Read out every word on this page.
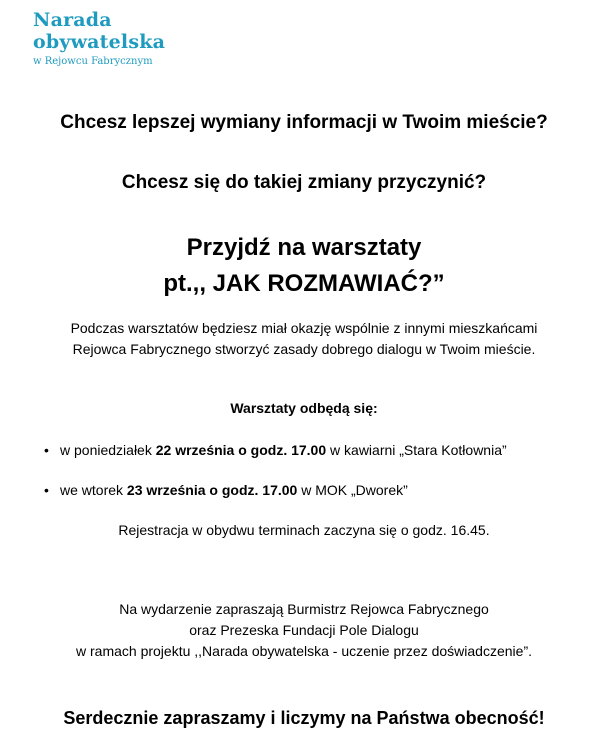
Narada
obywatelska
w Rejowcu Fabrycznym
Chcesz lepszej wymiany informacji w Twoim mieście?
Chcesz się do takiej zmiany przyczynić?
Przyjdź na warsztaty
pt.,, JAK ROZMAWIAĆ?”
Podczas warsztatów będziesz miał okazję wspólnie z innymi mieszkańcami
Rejowca Fabrycznego stworzyć zasady dobrego dialogu w Twoim mieście.
Warsztaty odbędą się:
• w poniedziałek 22 września o godz. 17.00 w kawiarni „Stara Kotłownia”
• we wtorek 23 września o godz. 17.00 w MOK „Dworek”
Rejestracja w obydwu terminach zaczyna się o godz. 16.45.
Na wydarzenie zapraszają Burmistrz Rejowca Fabrycznego
oraz Prezeska Fundacji Pole Dialogu
w ramach projektu ,,Narada obywatelska - uczenie przez doświadczenie”.
Serdecznie zapraszamy i liczymy na Państwa obecność!
